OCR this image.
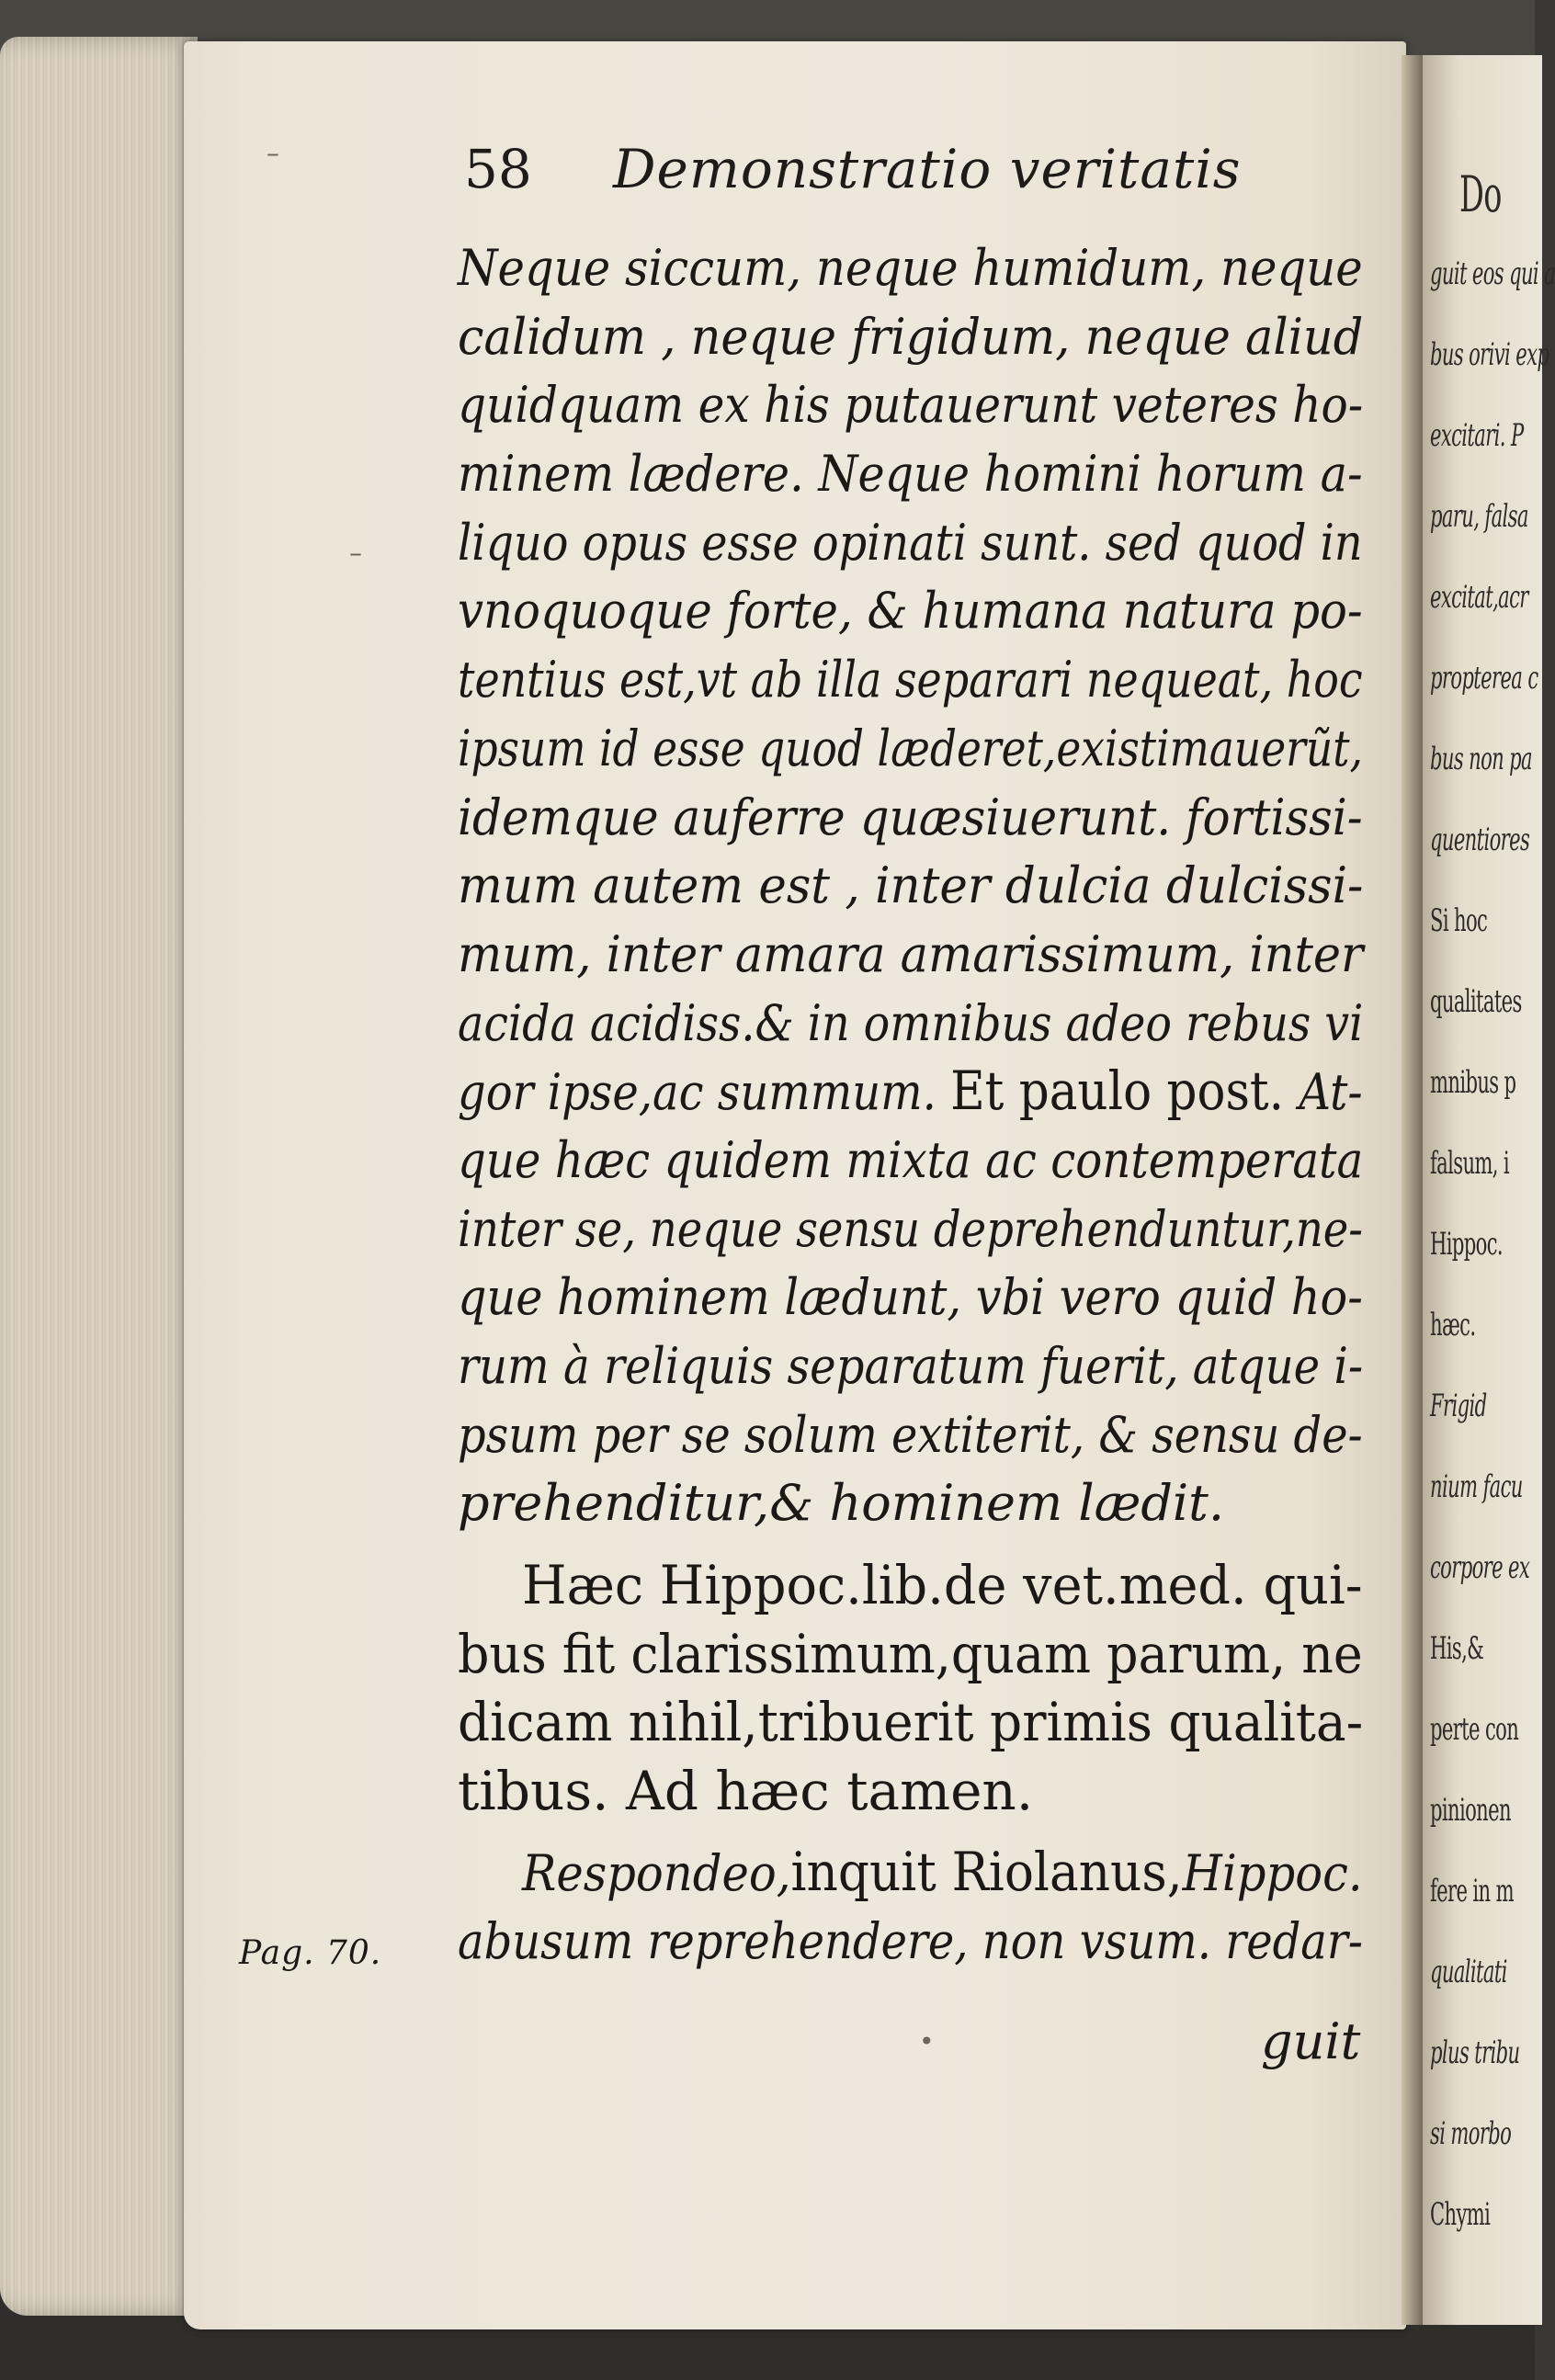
Do
guit eos qui a
bus orivi exp
excitari. P
paru, falsa
excitat,acr
propterea c
bus non pa
quentiores
Si hoc
qualitates
mnibus p
falsum, i
Hippoc.
hæc.
Frigid
nium facu
corpore ex
His,&
perte con
pinionen
fere in m
qualitati
plus tribu
si morbo
Chymi
58 Demonstratio veritatis
Neque siccum, neque humidum, neque
calidum , neque frigidum, neque aliud
quidquam ex his putauerunt veteres ho-
minem lædere. Neque homini horum a-
liquo opus esse opinati sunt. sed quod in
vnoquoque forte, & humana natura po-
tentius est,vt ab illa separari nequeat, hoc
ipsum id esse quod læderet,existimauerũt,
idemque auferre quæsiuerunt. fortissi-
mum autem est , inter dulcia dulcissi-
mum, inter amara amarissimum, inter
acida acidiss.& in omnibus adeo rebus vi
gor ipse,ac summum. Et paulo post. At-
que hæc quidem mixta ac contemperata
inter se, neque sensu deprehenduntur,ne-
que hominem lædunt, vbi vero quid ho-
rum à reliquis separatum fuerit, atque i-
psum per se solum extiterit, & sensu de-
prehenditur,& hominem lædit.
Hæc Hippoc.lib.de vet.med. qui-
bus fit clarissimum,quam parum, ne
dicam nihil,tribuerit primis qualita-
tibus. Ad hæc tamen.
Respondeo,inquit Riolanus,Hippoc.
abusum reprehendere, non vsum. redar-
Pag. 70.
guit
–
–
•
